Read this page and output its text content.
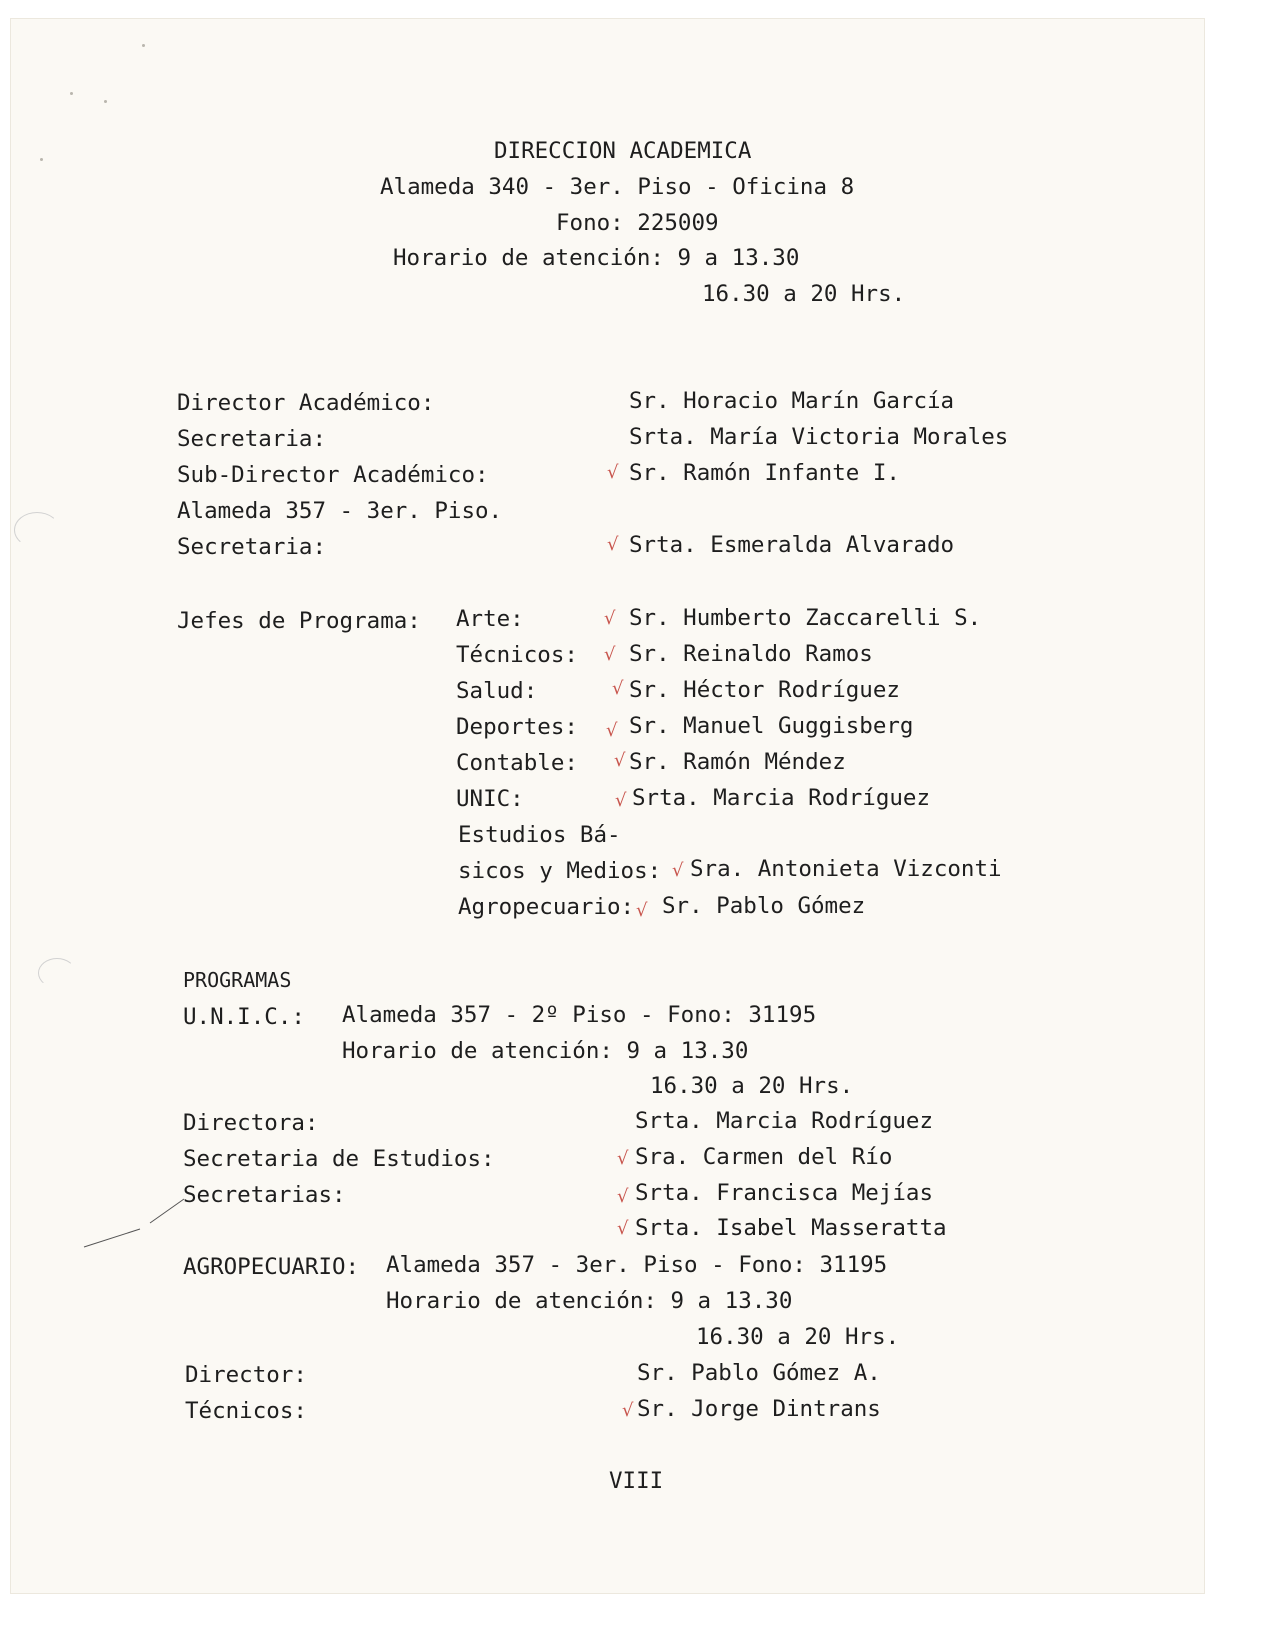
DIRECCION ACADEMICA
Alameda 340 - 3er. Piso - Oficina 8
Fono: 225009
Horario de atención: 9 a 13.30
16.30 a 20 Hrs.
Director Académico:	Sr. Horacio Marín García
Secretaria:	Srta. María Victoria Morales
Sub-Director Académico:	√ Sr. Ramón Infante I.
Alameda 357 - 3er. Piso.
Secretaria:	√ Srta. Esmeralda Alvarado
Jefes de Programa: Arte:	√ Sr. Humberto Zaccarelli S.
Técnicos: √ Sr. Reinaldo Ramos
Salud:	√ Sr. Héctor Rodríguez
Deportes: √ Sr. Manuel Guggisberg
Contable: √ Sr. Ramón Méndez
UNIC:	√ Srta. Marcia Rodríguez
Estudios Bá-
sicos y Medios: √ Sra. Antonieta Vizconti
Agropecuario: √ Sr. Pablo Gómez
PROGRAMAS
U.N.I.C.: Alameda 357 - 2º Piso - Fono: 31195
Horario de atención: 9 a 13.30
16.30 a 20 Hrs.
Directora:	Srta. Marcia Rodríguez
Secretaria de Estudios:	√ Sra. Carmen del Río
Secretarias:	√ Srta. Francisca Mejías
√ Srta. Isabel Masseratta
AGROPECUARIO: Alameda 357 - 3er. Piso - Fono: 31195
Horario de atención: 9 a 13.30
16.30 a 20 Hrs.
Director:	Sr. Pablo Gómez A.
Técnicos:	√ Sr. Jorge Dintrans
VIII
